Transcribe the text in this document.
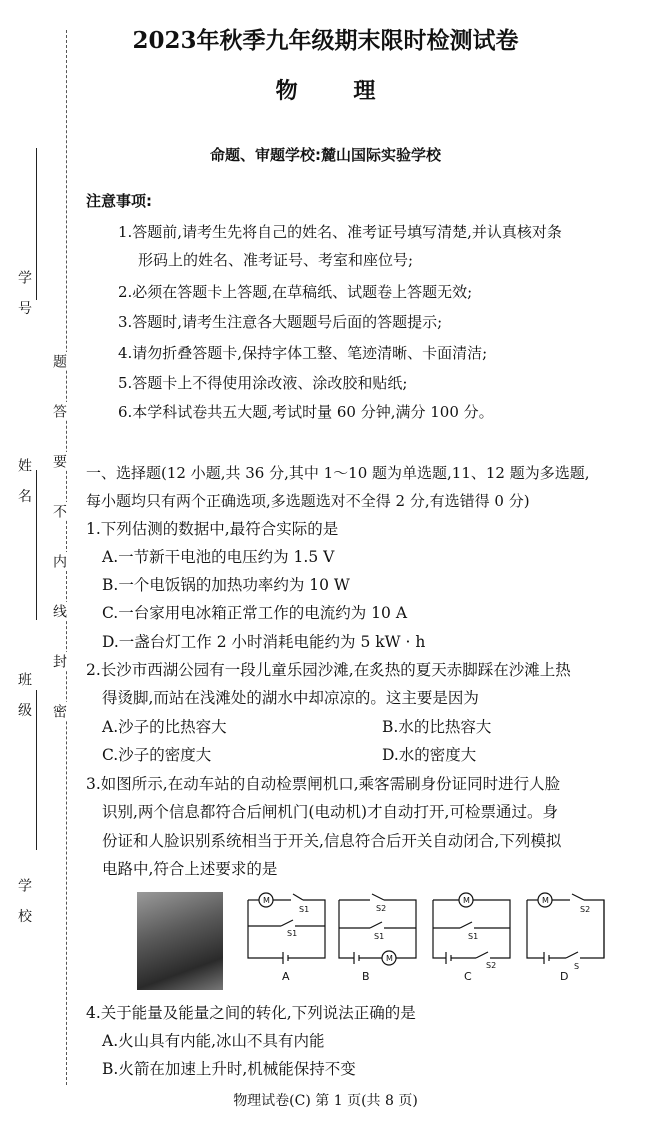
学 号
姓 名
班 级
学 校
题
答
要
不
内
线
封
密
2023年秋季九年级期末限时检测试卷
物 理
命题、审题学校:麓山国际实验学校
注意事项:
1.答题前,请考生先将自己的姓名、准考证号填写清楚,并认真核对条
形码上的姓名、准考证号、考室和座位号;
2.必须在答题卡上答题,在草稿纸、试题卷上答题无效;
3.答题时,请考生注意各大题题号后面的答题提示;
4.请勿折叠答题卡,保持字体工整、笔迹清晰、卡面清洁;
5.答题卡上不得使用涂改液、涂改胶和贴纸;
6.本学科试卷共五大题,考试时量 60 分钟,满分 100 分。
一、选择题(12 小题,共 36 分,其中 1～10 题为单选题,11、12 题为多选题,
每小题均只有两个正确选项,多选题选对不全得 2 分,有选错得 0 分)
1.下列估测的数据中,最符合实际的是
A.一节新干电池的电压约为 1.5 V
B.一个电饭锅的加热功率约为 10 W
C.一台家用电冰箱正常工作的电流约为 10 A
D.一盏台灯工作 2 小时消耗电能约为 5 kW · h
2.长沙市西湖公园有一段儿童乐园沙滩,在炙热的夏天赤脚踩在沙滩上热
得烫脚,而站在浅滩处的湖水中却凉凉的。这主要是因为
A.沙子的比热容大	B.水的比热容大
C.沙子的密度大	D.水的密度大
3.如图所示,在动车站的自动检票闸机口,乘客需刷身份证同时进行人脸
识别,两个信息都符合后闸机门(电动机)才自动打开,可检票通过。身
份证和人脸识别系统相当于开关,信息符合后开关自动闭合,下列模拟
电路中,符合上述要求的是
M
S1
S1
A
S2
S1
M
B
M
S1
S2
C
M
S2
S
D
4.关于能量及能量之间的转化,下列说法正确的是
A.火山具有内能,冰山不具有内能
B.火箭在加速上升时,机械能保持不变
物理试卷(C) 第 1 页(共 8 页)
